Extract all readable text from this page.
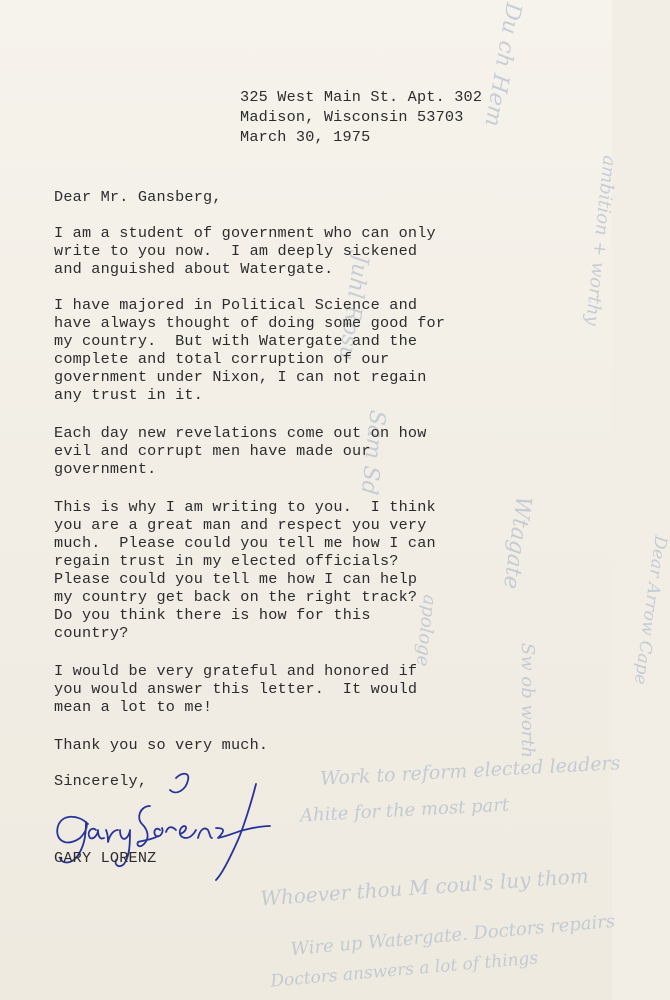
Du ch Hem
ambition + worthy
Juhl Rosu
Sam Sd
Wtagate
apologe
Sw ob worth
Work to reform elected leaders
Ahite for the most part
Whoever thou M coul's luy thom
Wire up Watergate. Doctors repairs
Doctors answers a lot of things
Dear Arrow Cape
325 West Main St. Apt. 302
Madison, Wisconsin 53703
March 30, 1975
Dear Mr. Gansberg,
I am a student of government who can only
write to you now.  I am deeply sickened
and anguished about Watergate.
I have majored in Political Science and
have always thought of doing some good for
my country.  But with Watergate and the
complete and total corruption of our
government under Nixon, I can not regain
any trust in it.
Each day new revelations come out on how
evil and corrupt men have made our
government.
This is why I am writing to you.  I think
you are a great man and respect you very
much.  Please could you tell me how I can
regain trust in my elected officials?
Please could you tell me how I can help
my country get back on the right track?
Do you think there is how for this
country?
I would be very grateful and honored if
you would answer this letter.  It would
mean a lot to me!
Thank you so very much.
Sincerely,
GARY LORENZ
